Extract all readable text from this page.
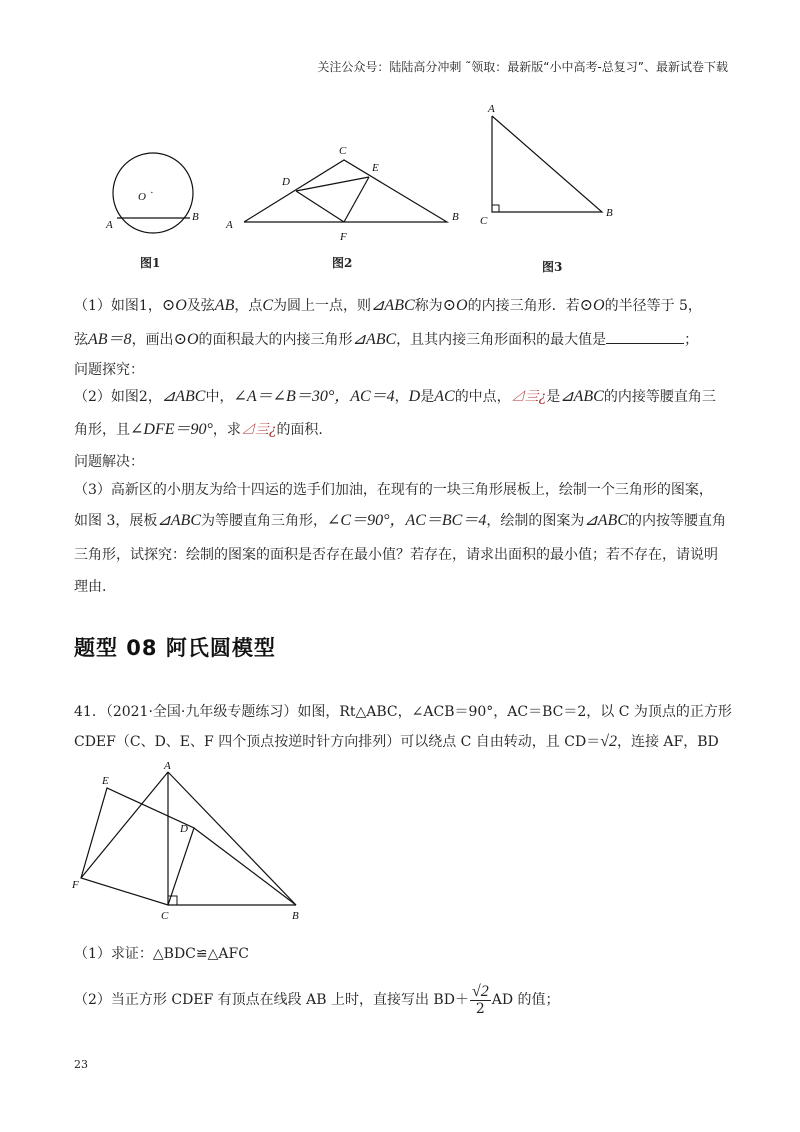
关注公众号：陆陆高分冲刺 ˜领取：最新版“小中高考-总复习”、最新试卷下载
O ·
A
B
图1
C
D
E
A
B
F
图2
A
C
B
图3
（1）如图1，⊙O及弦AB，点C为圆上一点，则⊿ABC称为⊙O的内接三角形．若⊙O的半径等于 5，
弦AB＝8，画出⊙O的面积最大的内接三角形⊿ABC，且其内接三角形面积的最大值是	；
问题探究：
（2）如图2，⊿ABC中，∠A＝∠B＝30°，AC＝4，D是AC的中点，⊿亖¿是⊿ABC的内接等腰直角三
角形，且∠DFE＝90°，求⊿亖¿的面积.
问题解决：
（3）高新区的小朋友为给十四运的选手们加油，在现有的一块三角形展板上，绘制一个三角形的图案，
如图 3，展板⊿ABC为等腰直角三角形，∠C＝90°，AC＝BC＝4，绘制的图案为⊿ABC的内按等腰直角
三角形，试探究：绘制的图案的面积是否存在最小值？若存在，请求出面积的最小值；若不存在，请说明
理由.
题型 08 阿氏圆模型
41．（2021·全国·九年级专题练习）如图，Rt△ABC，∠ACB＝90°，AC＝BC＝2，以 C 为顶点的正方形
CDEF（C、D、E、F 四个顶点按逆时针方向排列）可以绕点 C 自由转动，且 CD＝√2，连接 AF，BD
A
E
D
F
C	B
（1）求证：△BDC≌△AFC
（2）当正方形 CDEF 有顶点在线段 AB 上时，直接写出 $BD+ \frac{√2}{2}$ AD 的值；
23
